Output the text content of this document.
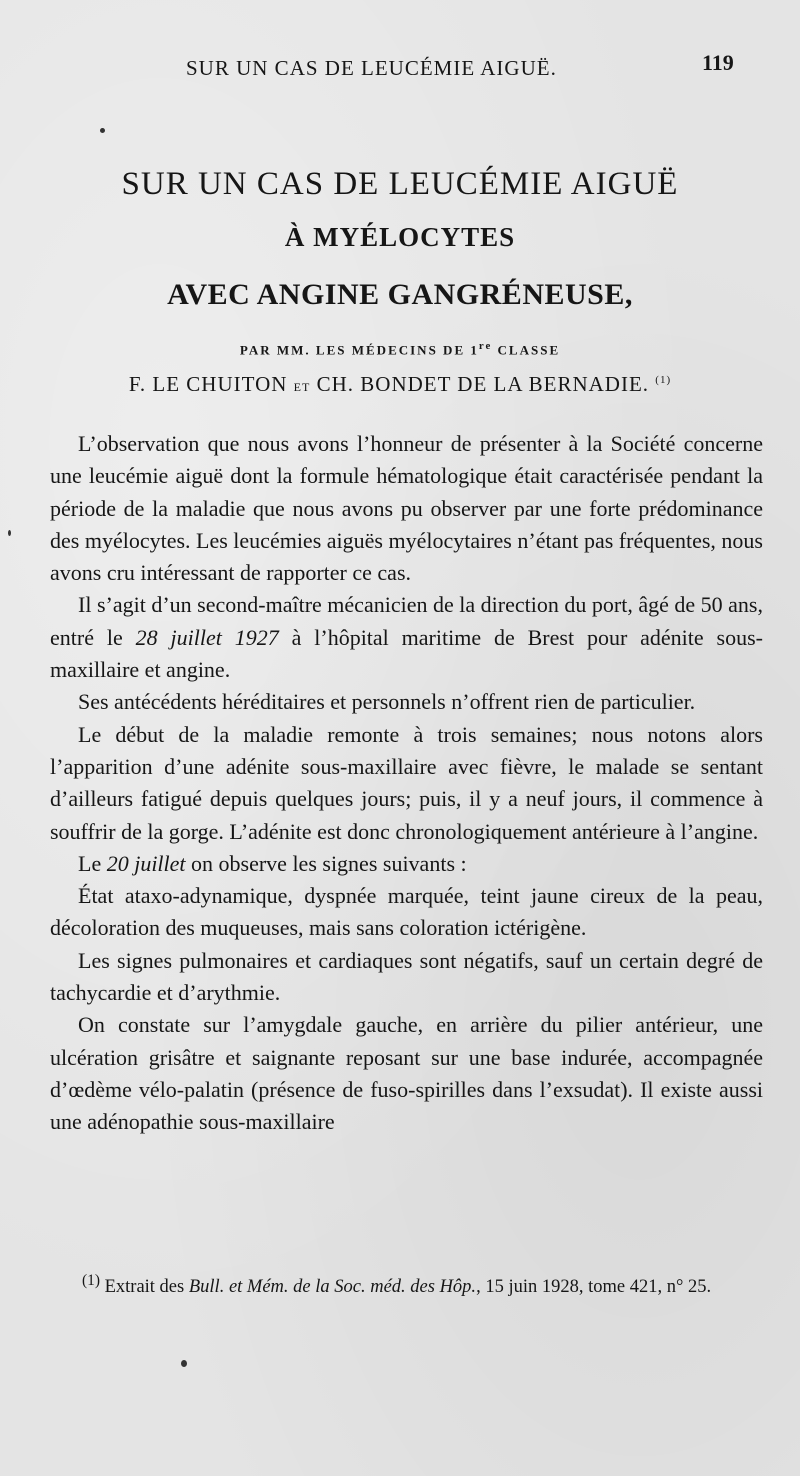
SUR UN CAS DE LEUCÉMIE AIGUË.	119
SUR UN CAS DE LEUCÉMIE AIGUË
À MYÉLOCYTES
AVEC ANGINE GANGRÉNEUSE,
PAR MM. LES MÉDECINS DE 1re CLASSE
F. LE CHUITON ET CH. BONDET DE LA BERNADIE. $^{(1)}$

L’observation que nous avons l’honneur de présenter à la Société concerne une leucémie aiguë dont la formule hématologique était caractérisée pendant la période de la maladie que nous avons pu observer par une forte prédominance des myélocytes. Les leucémies aiguës myélocytaires n’étant pas fréquentes, nous avons cru intéressant de rapporter ce cas.

Il s’agit d’un second-maître mécanicien de la direction du port, âgé de 50 ans, entré le 28 juillet 1927 à l’hôpital maritime de Brest pour adénite sous-maxillaire et angine.

Ses antécédents héréditaires et personnels n’offrent rien de particulier.

Le début de la maladie remonte à trois semaines; nous notons alors l’apparition d’une adénite sous-maxillaire avec fièvre, le malade se sentant d’ailleurs fatigué depuis quelques jours; puis, il y a neuf jours, il commence à souffrir de la gorge. L’adénite est donc chronologiquement antérieure à l’angine.

Le 20 juillet on observe les signes suivants :

État ataxo-adynamique, dyspnée marquée, teint jaune cireux de la peau, décoloration des muqueuses, mais sans coloration ictérigène.

Les signes pulmonaires et cardiaques sont négatifs, sauf un certain degré de tachycardie et d’arythmie.

On constate sur l’amygdale gauche, en arrière du pilier antérieur, une ulcération grisâtre et saignante reposant sur une base indurée, accompagnée d’œdème vélo-palatin (présence de fuso-spirilles dans l’exsudat). Il existe aussi une adénopathie sous-maxillaire

$^{(1)}$ Extrait des Bull. et Mém. de la Soc. méd. des Hôp., 15 juin 1928, tome 421, n° 25.
